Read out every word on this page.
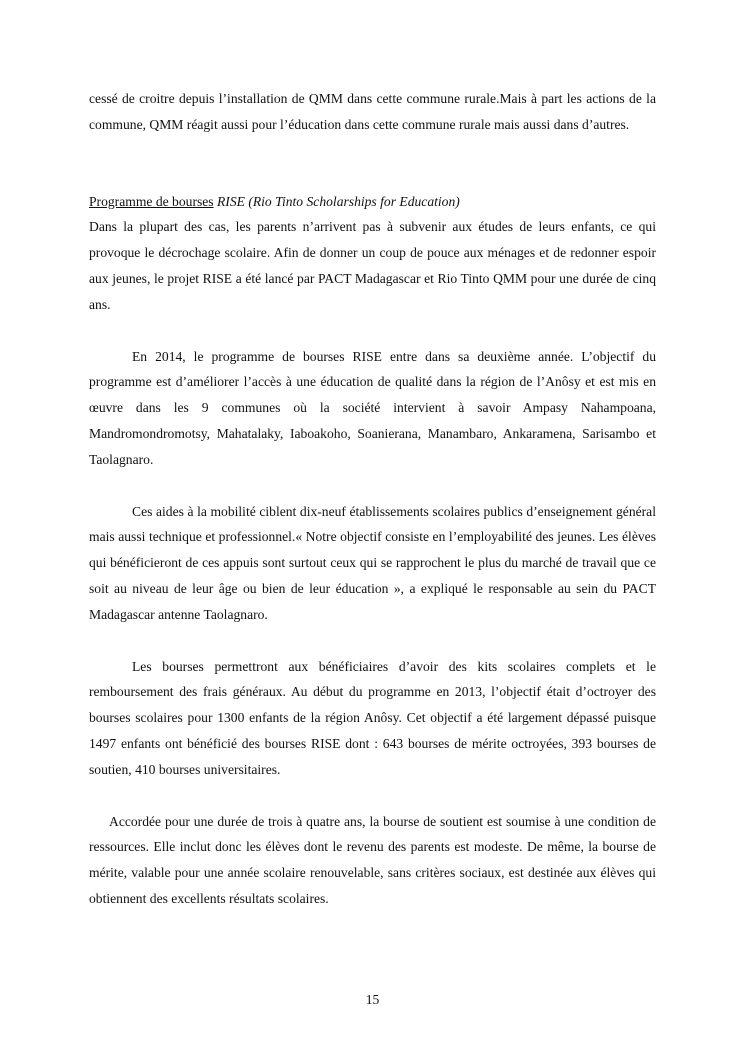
cessé de croitre depuis l’installation de QMM dans cette commune rurale.Mais à part les actions de la commune, QMM réagit aussi pour l’éducation dans cette commune rurale mais aussi dans d’autres.

Programme de bourses RISE (Rio Tinto Scholarships for Education)

Dans la plupart des cas, les parents n’arrivent pas à subvenir aux études de leurs enfants, ce qui provoque le décrochage scolaire. Afin de donner un coup de pouce aux ménages et de redonner espoir aux jeunes, le projet RISE a été lancé par PACT Madagascar et Rio Tinto QMM pour une durée de cinq ans.

En 2014, le programme de bourses RISE entre dans sa deuxième année. L’objectif du programme est d’améliorer l’accès à une éducation de qualité dans la région de l’Anôsy et est mis en œuvre dans les 9 communes où la société intervient à savoir Ampasy Nahampoana, Mandromondromotsy, Mahatalaky, Iaboakoho, Soanierana, Manambaro, Ankaramena, Sarisambo et Taolagnaro.

Ces aides à la mobilité ciblent dix-neuf établissements scolaires publics d’enseignement général mais aussi technique et professionnel.« Notre objectif consiste en l’employabilité des jeunes. Les élèves qui bénéficieront de ces appuis sont surtout ceux qui se rapprochent le plus du marché de travail que ce soit au niveau de leur âge ou bien de leur éducation », a expliqué le responsable au sein du PACT Madagascar antenne Taolagnaro.

Les bourses permettront aux bénéficiaires d’avoir des kits scolaires complets et le remboursement des frais généraux. Au début du programme en 2013, l’objectif était d’octroyer des bourses scolaires pour 1300 enfants de la région Anôsy. Cet objectif a été largement dépassé puisque 1497 enfants ont bénéficié des bourses RISE dont : 643 bourses de mérite octroyées, 393 bourses de soutien, 410 bourses universitaires.

Accordée pour une durée de trois à quatre ans, la bourse de soutient est soumise à une condition de ressources. Elle inclut donc les élèves dont le revenu des parents est modeste. De même, la bourse de mérite, valable pour une année scolaire renouvelable, sans critères sociaux, est destinée aux élèves qui obtiennent des excellents résultats scolaires.

15
